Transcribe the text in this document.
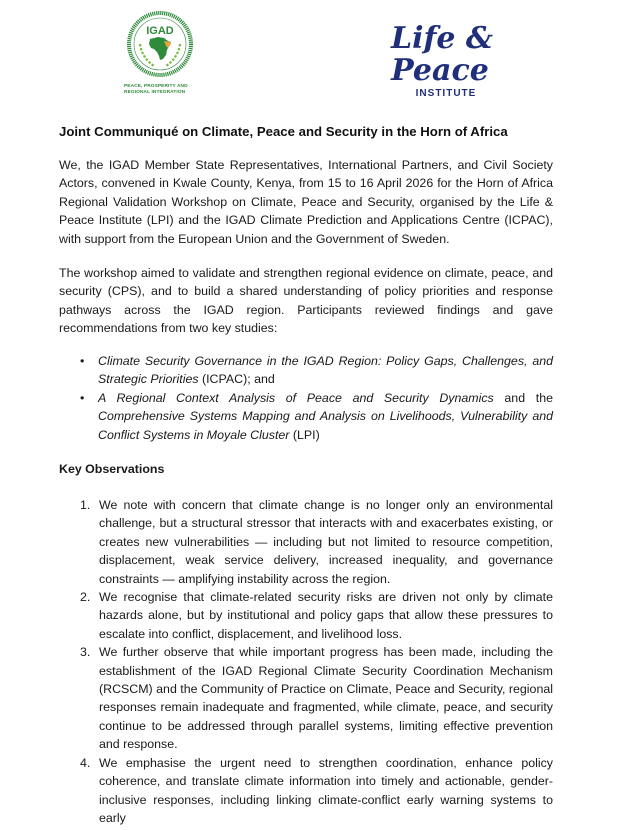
IGAD
PEACE, PROSPERITY AND
REGIONAL INTEGRATION
Life &
Peace
INSTITUTE
Joint Communiqué on Climate, Peace and Security in the Horn of Africa

We, the IGAD Member State Representatives, International Partners, and Civil Society Actors, convened in Kwale County, Kenya, from 15 to 16 April 2026 for the Horn of Africa Regional Validation Workshop on Climate, Peace and Security, organised by the Life & Peace Institute (LPI) and the IGAD Climate Prediction and Applications Centre (ICPAC), with support from the European Union and the Government of Sweden.

The workshop aimed to validate and strengthen regional evidence on climate, peace, and security (CPS), and to build a shared understanding of policy priorities and response pathways across the IGAD region. Participants reviewed findings and gave recommendations from two key studies:

• Climate Security Governance in the IGAD Region: Policy Gaps, Challenges, and Strategic Priorities (ICPAC); and
• A Regional Context Analysis of Peace and Security Dynamics and the Comprehensive Systems Mapping and Analysis on Livelihoods, Vulnerability and Conflict Systems in Moyale Cluster (LPI)
Key Observations
1. We note with concern that climate change is no longer only an environmental challenge, but a structural stressor that interacts with and exacerbates existing, or creates new vulnerabilities — including but not limited to resource competition, displacement, weak service delivery, increased inequality, and governance constraints — amplifying instability across the region.
2. We recognise that climate-related security risks are driven not only by climate hazards alone, but by institutional and policy gaps that allow these pressures to escalate into conflict, displacement, and livelihood loss.
3. We further observe that while important progress has been made, including the establishment of the IGAD Regional Climate Security Coordination Mechanism (RCSCM) and the Community of Practice on Climate, Peace and Security, regional responses remain inadequate and fragmented, while climate, peace, and security continue to be addressed through parallel systems, limiting effective prevention and response.
4. We emphasise the urgent need to strengthen coordination, enhance policy coherence, and translate climate information into timely and actionable, gender-inclusive responses, including linking climate-conflict early warning systems to early
